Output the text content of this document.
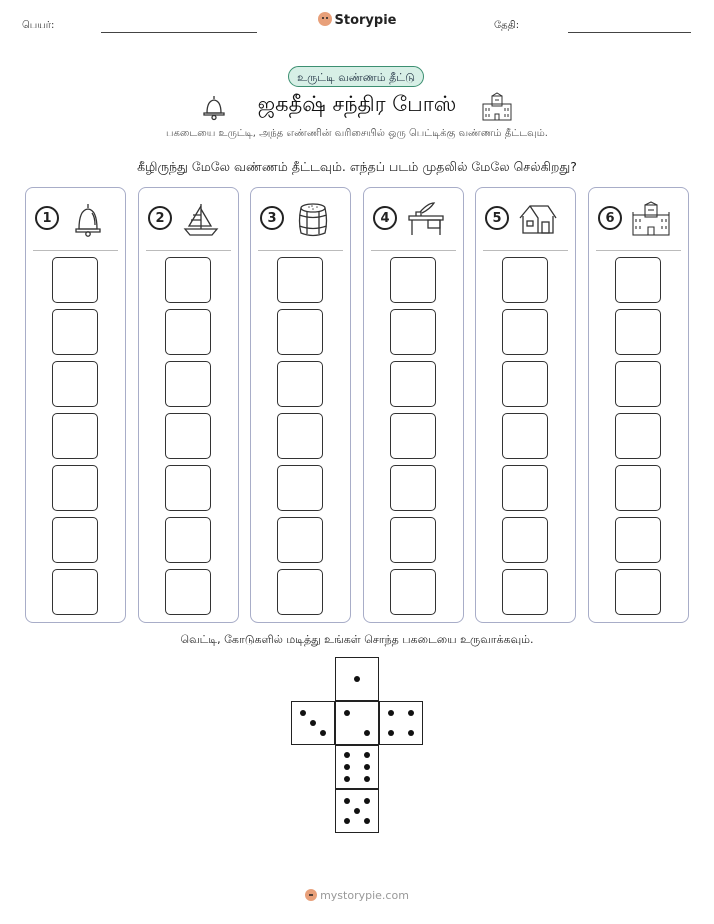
பெயர்:	Storypie	தேதி:
உருட்டி வண்ணம் தீட்டு
ஜகதீஷ் சந்திர போஸ்
பகடையை உருட்டி, அந்த எண்ணின் வரிசையில் ஒரு பெட்டிக்கு வண்ணம் தீட்டவும்.
கீழிருந்து மேலே வண்ணம் தீட்டவும். எந்தப் படம் முதலில் மேலே செல்கிறது?
1	2	3	4	5	6
வெட்டி, கோடுகளில் மடித்து உங்கள் சொந்த பகடையை உருவாக்கவும்.
mystorypie.com
